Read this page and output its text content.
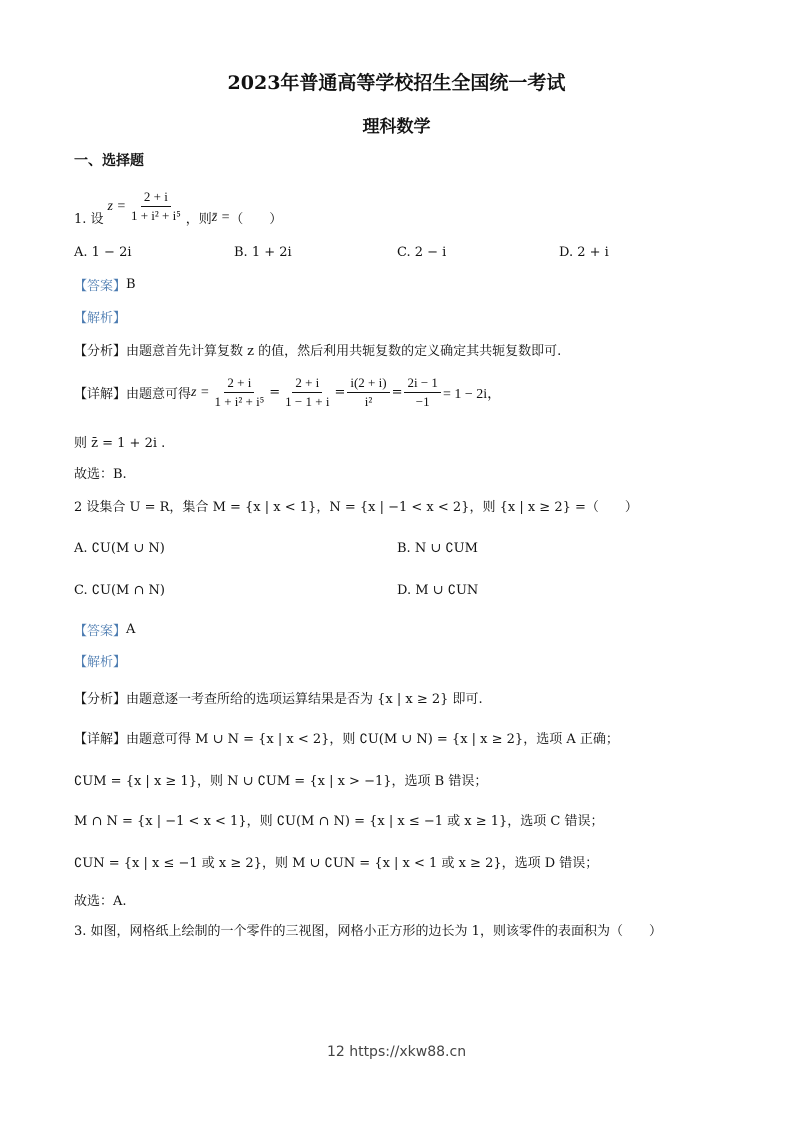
2023年普通高等学校招生全国统一考试
理科数学
一、选择题
1. 设
$z = \frac{2 + i}{\text{1 + i² + i⁵}}$ ，则 z̄ = （　　）
A. 1 − 2i	B. 1 + 2i	C. 2 − i	D. 2 + i
【答案】 B
【解析】
【分析】 由题意首先计算复数 z 的值，然后利用共轭复数的定义确定其共轭复数即可.
【详解】 由题意可得 $z = \frac{2 + i}{\text{1 + i² + i⁵}} = \frac{2 + i}{1 - 1 + i} = \frac{i(2 + i)}{\text{i²}} = \frac{2i - 1}{-1} = 1 - 2i$，
则 z̄ = 1 + 2i .
故选：B.
2 设集合 U = R，集合 M = {x | x < 1}，N = {x | −1 < x < 2}，则 {x | x ≥ 2} =（　　）
A. ∁U(M ∪ N)	B. N ∪ ∁UM
C. ∁U(M ∩ N)	D. M ∪ ∁UN
【答案】 A
【解析】
【分析】 由题意逐一考查所给的选项运算结果是否为 {x | x ≥ 2} 即可.
【详解】 由题意可得 M ∪ N = {x | x < 2}，则 ∁U(M ∪ N) = {x | x ≥ 2}，选项 A 正确；
∁UM = {x | x ≥ 1}，则 N ∪ ∁UM = {x | x > −1}，选项 B 错误；
M ∩ N = {x | −1 < x < 1}，则 ∁U(M ∩ N) = {x | x ≤ −1 或 x ≥ 1}，选项 C 错误；
∁UN = {x | x ≤ −1 或 x ≥ 2}，则 M ∪ ∁UN = {x | x < 1 或 x ≥ 2}，选项 D 错误；
故选：A.
3. 如图，网格纸上绘制的一个零件的三视图，网格小正方形的边长为 1，则该零件的表面积为（　　）
12 https://xkw88.cn
